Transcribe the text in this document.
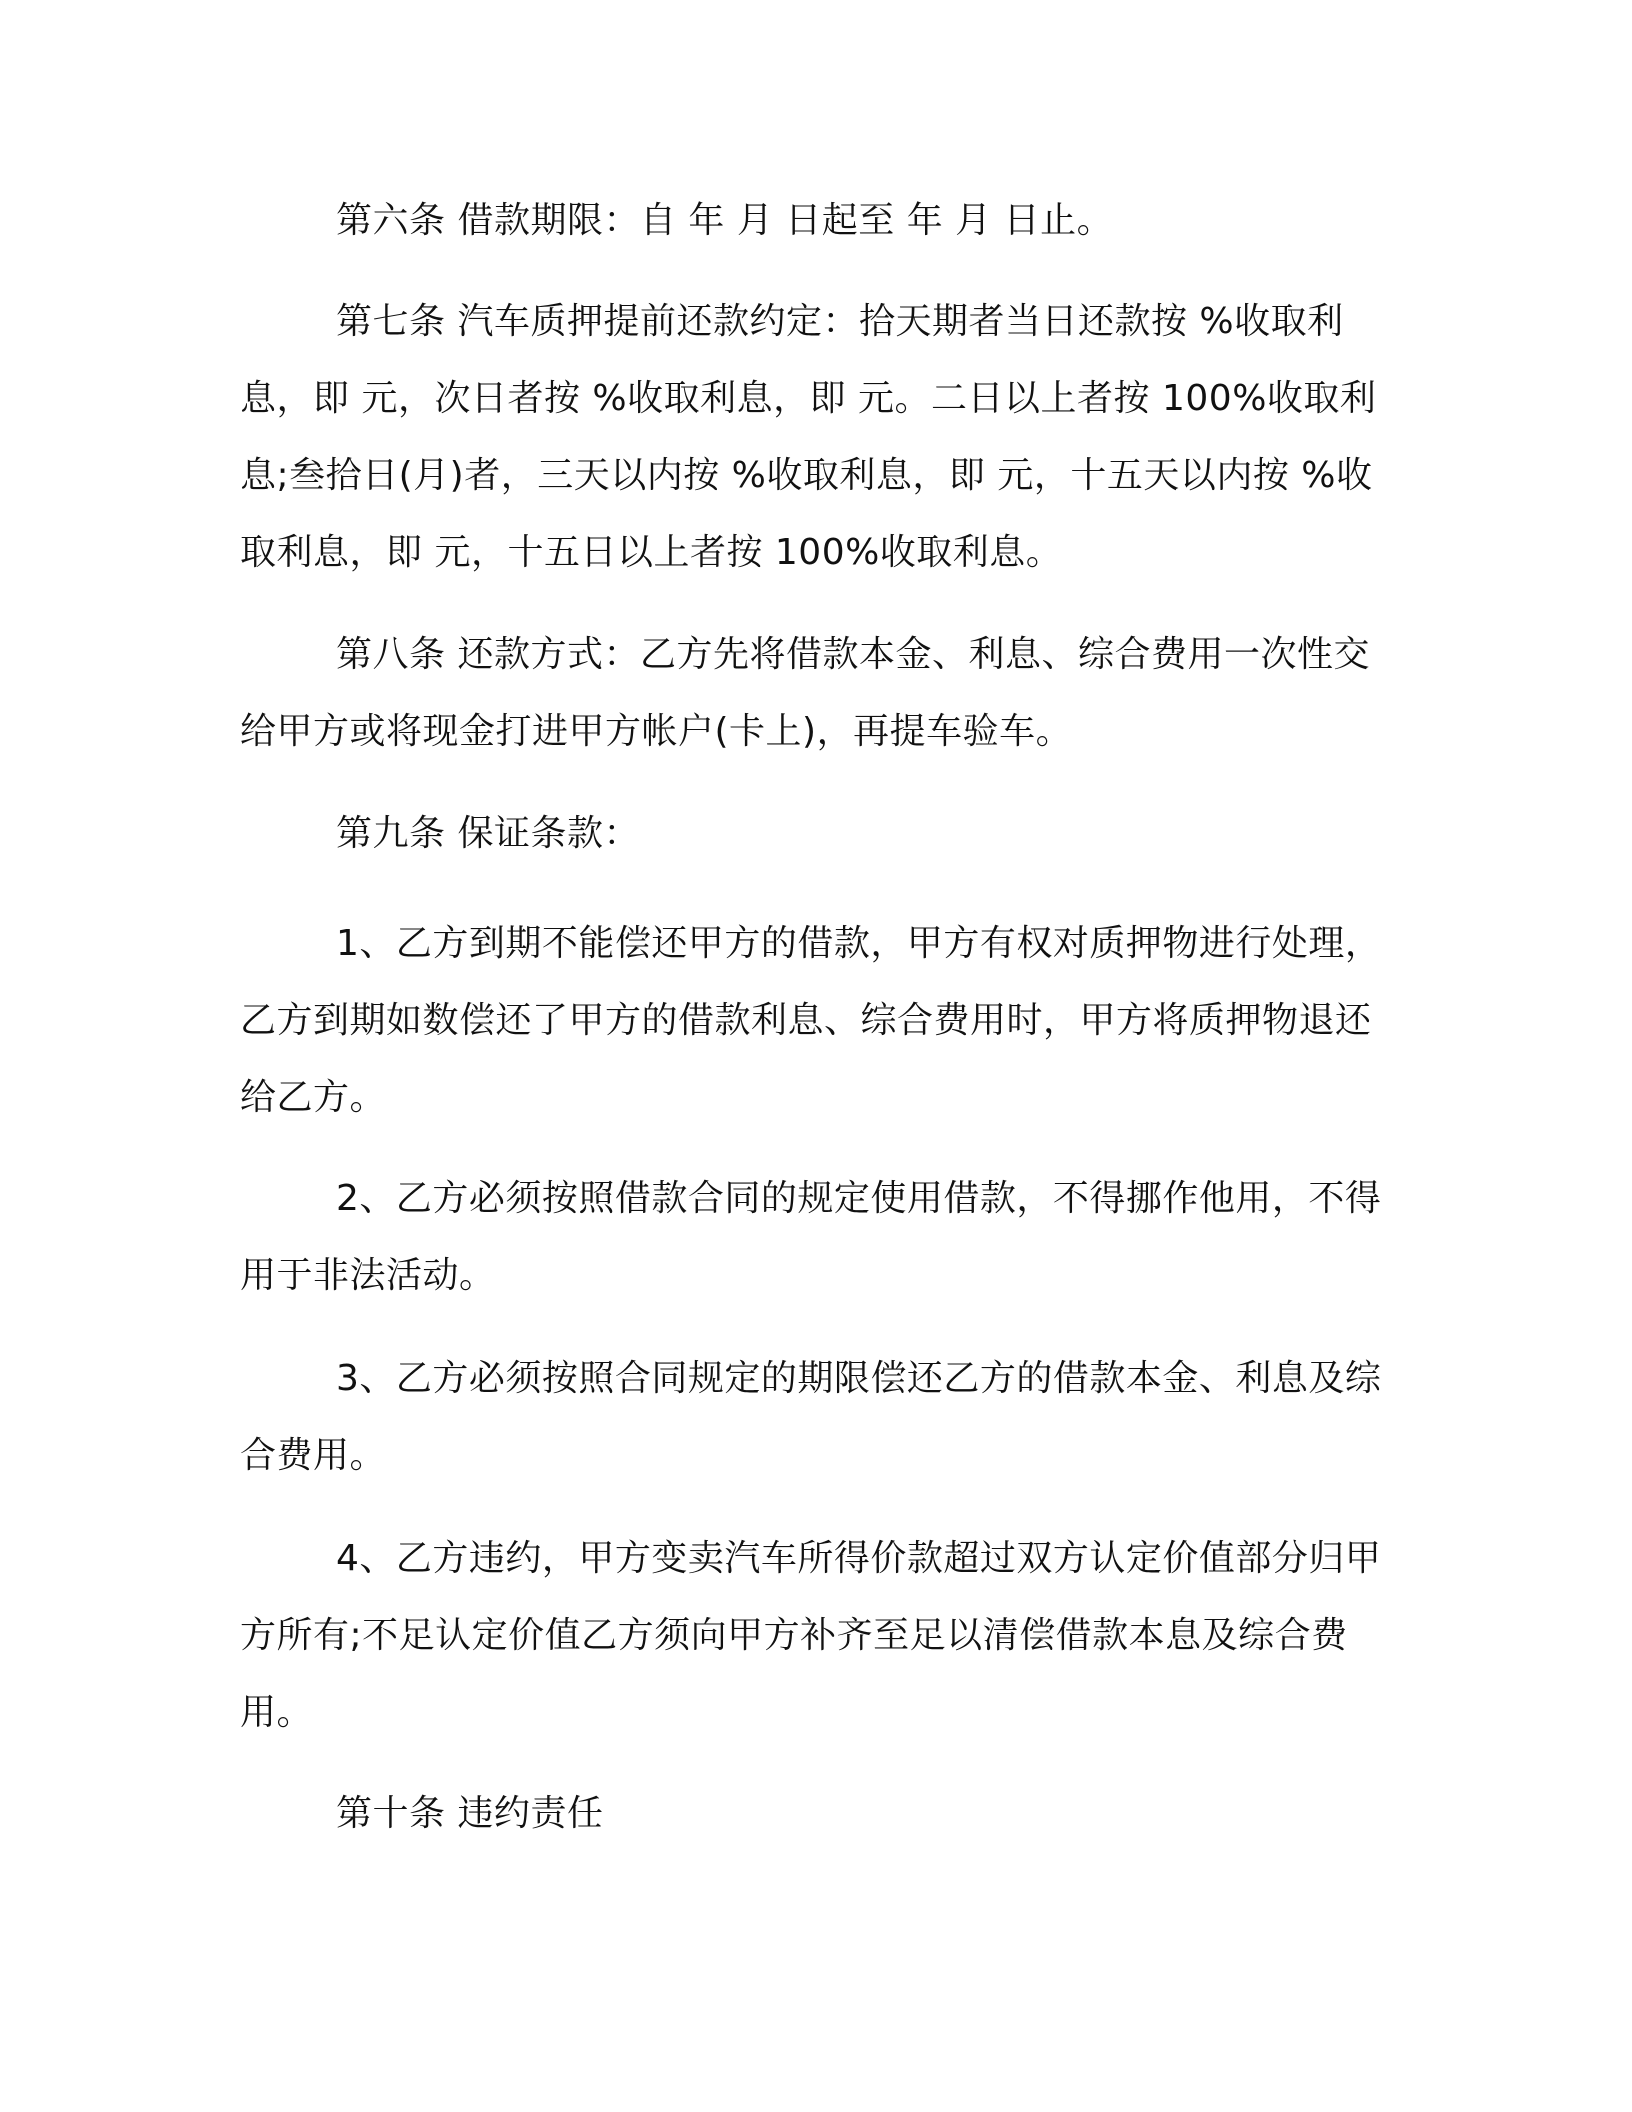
第六条 借款期限：自 年 月 日起至 年 月 日止。

第七条 汽车质押提前还款约定：拾天期者当日还款按 %收取利息，即 元，次日者按 %收取利息，即 元。二日以上者按 100%收取利息;叁拾日(月)者，三天以内按 %收取利息，即 元，十五天以内按 %收取利息，即 元，十五日以上者按 100%收取利息。

第八条 还款方式：乙方先将借款本金、利息、综合费用一次性交给甲方或将现金打进甲方帐户(卡上)，再提车验车。

第九条 保证条款：

1、乙方到期不能偿还甲方的借款，甲方有权对质押物进行处理，乙方到期如数偿还了甲方的借款利息、综合费用时，甲方将质押物退还给乙方。

2、乙方必须按照借款合同的规定使用借款，不得挪作他用，不得用于非法活动。

3、乙方必须按照合同规定的期限偿还乙方的借款本金、利息及综合费用。

4、乙方违约，甲方变卖汽车所得价款超过双方认定价值部分归甲方所有;不足认定价值乙方须向甲方补齐至足以清偿借款本息及综合费用。

第十条 违约责任
